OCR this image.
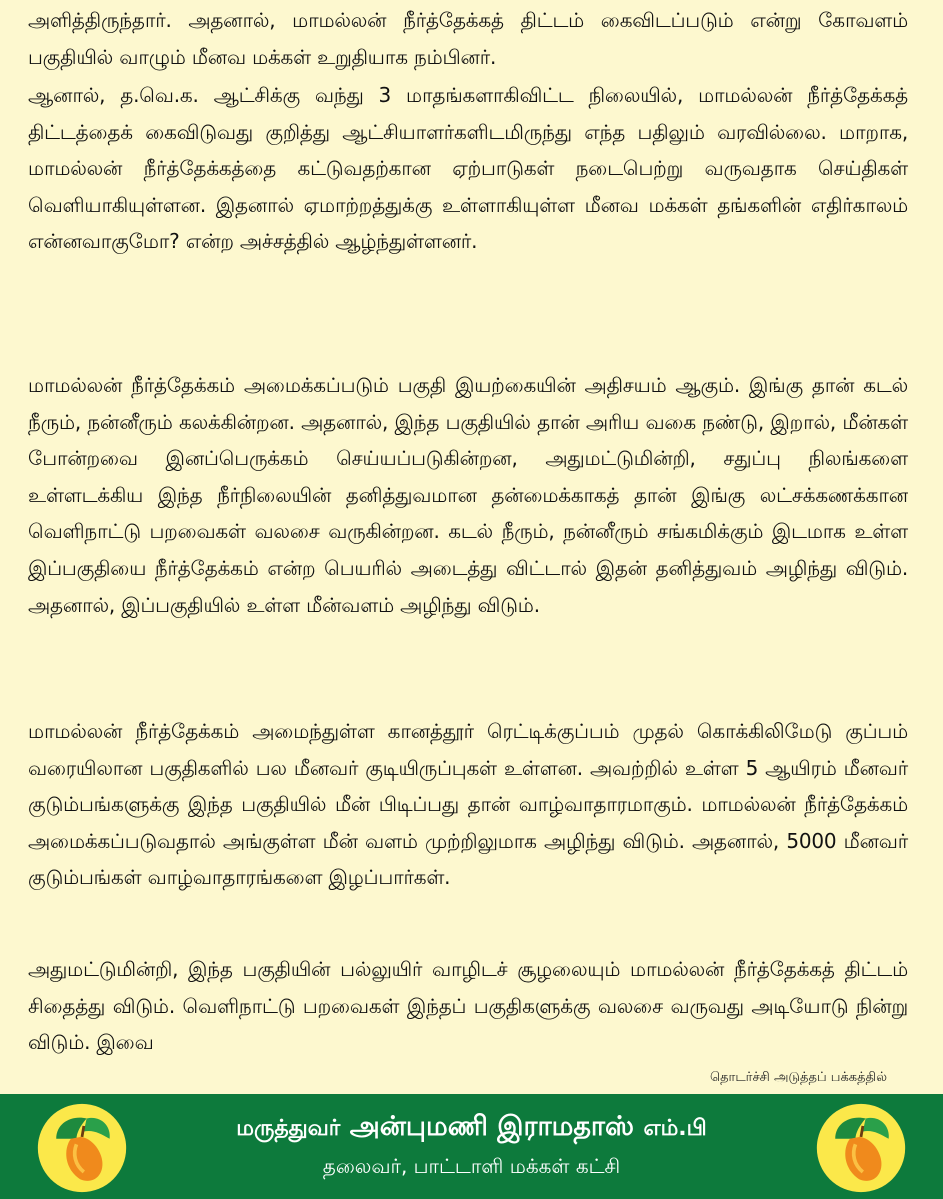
அளித்திருந்தார். அதனால், மாமல்லன் நீர்த்தேக்கத் திட்டம் கைவிடப்படும் என்று கோவளம் பகுதியில் வாழும் மீனவ மக்கள் உறுதியாக நம்பினர்.

ஆனால், த.வெ.க. ஆட்சிக்கு வந்து 3 மாதங்களாகிவிட்ட நிலையில், மாமல்லன் நீர்த்தேக்கத் திட்டத்தைக் கைவிடுவது குறித்து ஆட்சியாளர்களிடமிருந்து எந்த பதிலும் வரவில்லை. மாறாக, மாமல்லன் நீர்த்தேக்கத்தை கட்டுவதற்கான ஏற்பாடுகள் நடைபெற்று வருவதாக செய்திகள் வெளியாகியுள்ளன. இதனால் ஏமாற்றத்துக்கு உள்ளாகியுள்ள மீனவ மக்கள் தங்களின் எதிர்காலம் என்னவாகுமோ? என்ற அச்சத்தில் ஆழ்ந்துள்ளனர்.

மாமல்லன் நீர்த்தேக்கம் அமைக்கப்படும் பகுதி இயற்கையின் அதிசயம் ஆகும். இங்கு தான் கடல் நீரும், நன்னீரும் கலக்கின்றன. அதனால், இந்த பகுதியில் தான் அரிய வகை நண்டு, இறால், மீன்கள் போன்றவை இனப்பெருக்கம் செய்யப்படுகின்றன, அதுமட்டுமின்றி, சதுப்பு நிலங்களை உள்ளடக்கிய இந்த நீர்நிலையின் தனித்துவமான தன்மைக்காகத் தான் இங்கு லட்சக்கணக்கான வெளிநாட்டு பறவைகள் வலசை வருகின்றன. கடல் நீரும், நன்னீரும் சங்கமிக்கும் இடமாக உள்ள இப்பகுதியை நீர்த்தேக்கம் என்ற பெயரில் அடைத்து விட்டால் இதன் தனித்துவம் அழிந்து விடும். அதனால், இப்பகுதியில் உள்ள மீன்வளம் அழிந்து விடும்.

மாமல்லன் நீர்த்தேக்கம் அமைந்துள்ள கானத்தூர் ரெட்டிக்குப்பம் முதல் கொக்கிலிமேடு குப்பம் வரையிலான பகுதிகளில் பல மீனவர் குடியிருப்புகள் உள்ளன. அவற்றில் உள்ள 5 ஆயிரம் மீனவர் குடும்பங்களுக்கு இந்த பகுதியில் மீன் பிடிப்பது தான் வாழ்வாதாரமாகும். மாமல்லன் நீர்த்தேக்கம் அமைக்கப்படுவதால் அங்குள்ள மீன் வளம் முற்றிலுமாக அழிந்து விடும். அதனால், 5000 மீனவர் குடும்பங்கள் வாழ்வாதாரங்களை இழப்பார்கள்.

அதுமட்டுமின்றி, இந்த பகுதியின் பல்லுயிர் வாழிடச் சூழலையும் மாமல்லன் நீர்த்தேக்கத் திட்டம் சிதைத்து விடும். வெளிநாட்டு பறவைகள் இந்தப் பகுதிகளுக்கு வலசை வருவது அடியோடு நின்று விடும். இவை

தொடர்ச்சி அடுத்தப் பக்கத்தில்
மருத்துவர் அன்புமணி இராமதாஸ் எம்.பி
தலைவர், பாட்டாளி மக்கள் கட்சி
